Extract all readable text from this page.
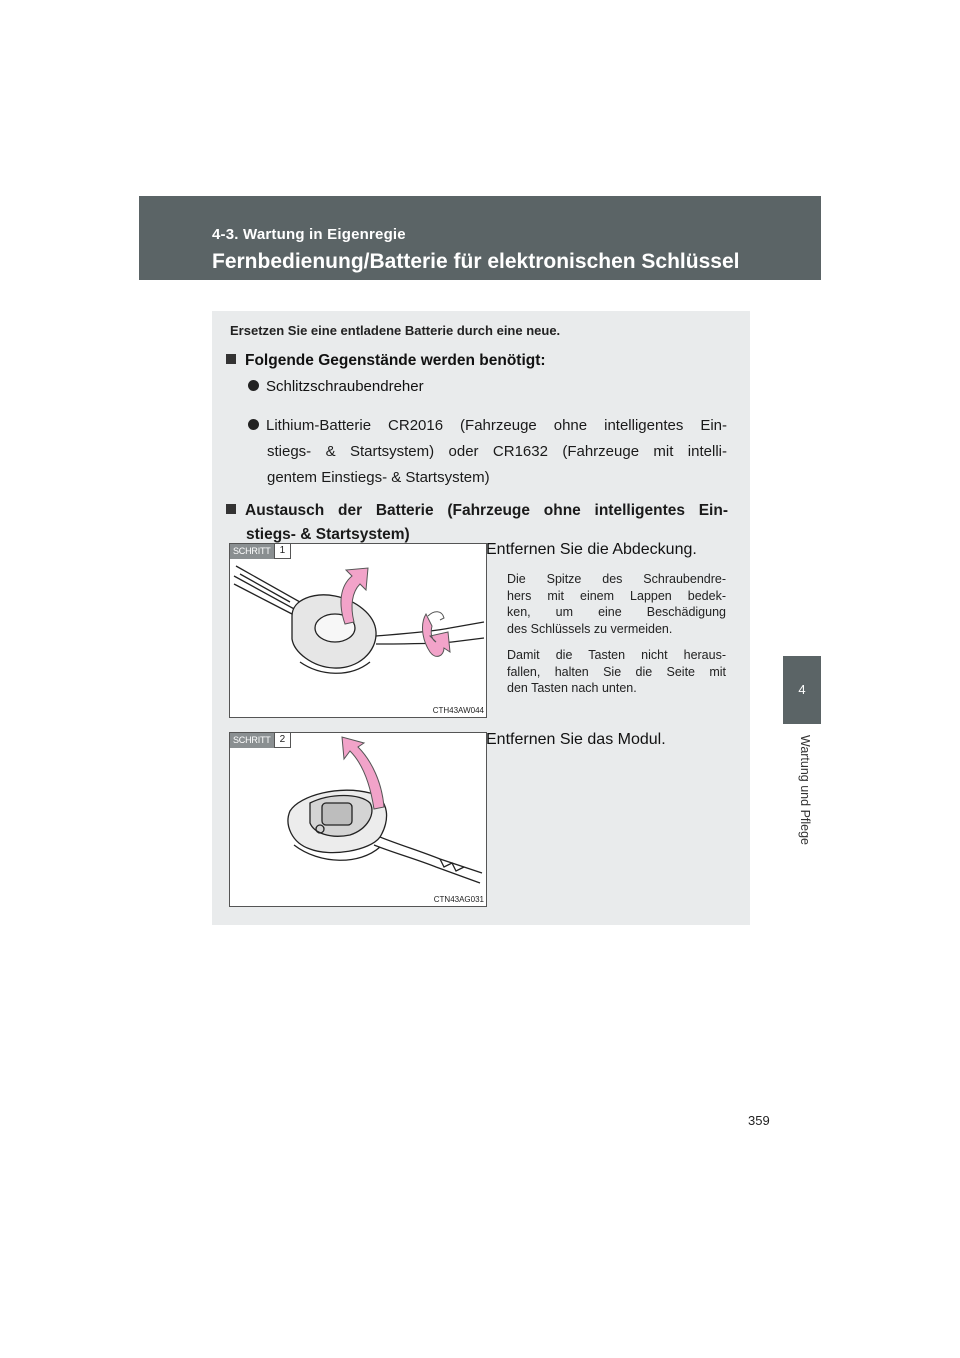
4-3. Wartung in Eigenregie
Fernbedienung/Batterie für elektronischen Schlüssel
4
Wartung und Pflege
Ersetzen Sie eine entladene Batterie durch eine neue.
Folgende Gegenstände werden benötigt:
Schlitzschraubendreher
Lithium-Batterie CR2016 (Fahrzeuge ohne intelligentes Ein-
stiegs- & Startsystem) oder CR1632 (Fahrzeuge mit intelli-
gentem Einstiegs- & Startsystem)
Austausch der Batterie (Fahrzeuge ohne intelligentes Ein-
stiegs- & Startsystem)
SCHRITT 1
CTH43AW044
Entfernen Sie die Abdeckung.
Die Spitze des Schraubendre-
hers mit einem Lappen bedek-
ken, um eine Beschädigung
des Schlüssels zu vermeiden.
Damit die Tasten nicht heraus-
fallen, halten Sie die Seite mit
den Tasten nach unten.
SCHRITT 2
CTN43AG031
Entfernen Sie das Modul.
359
